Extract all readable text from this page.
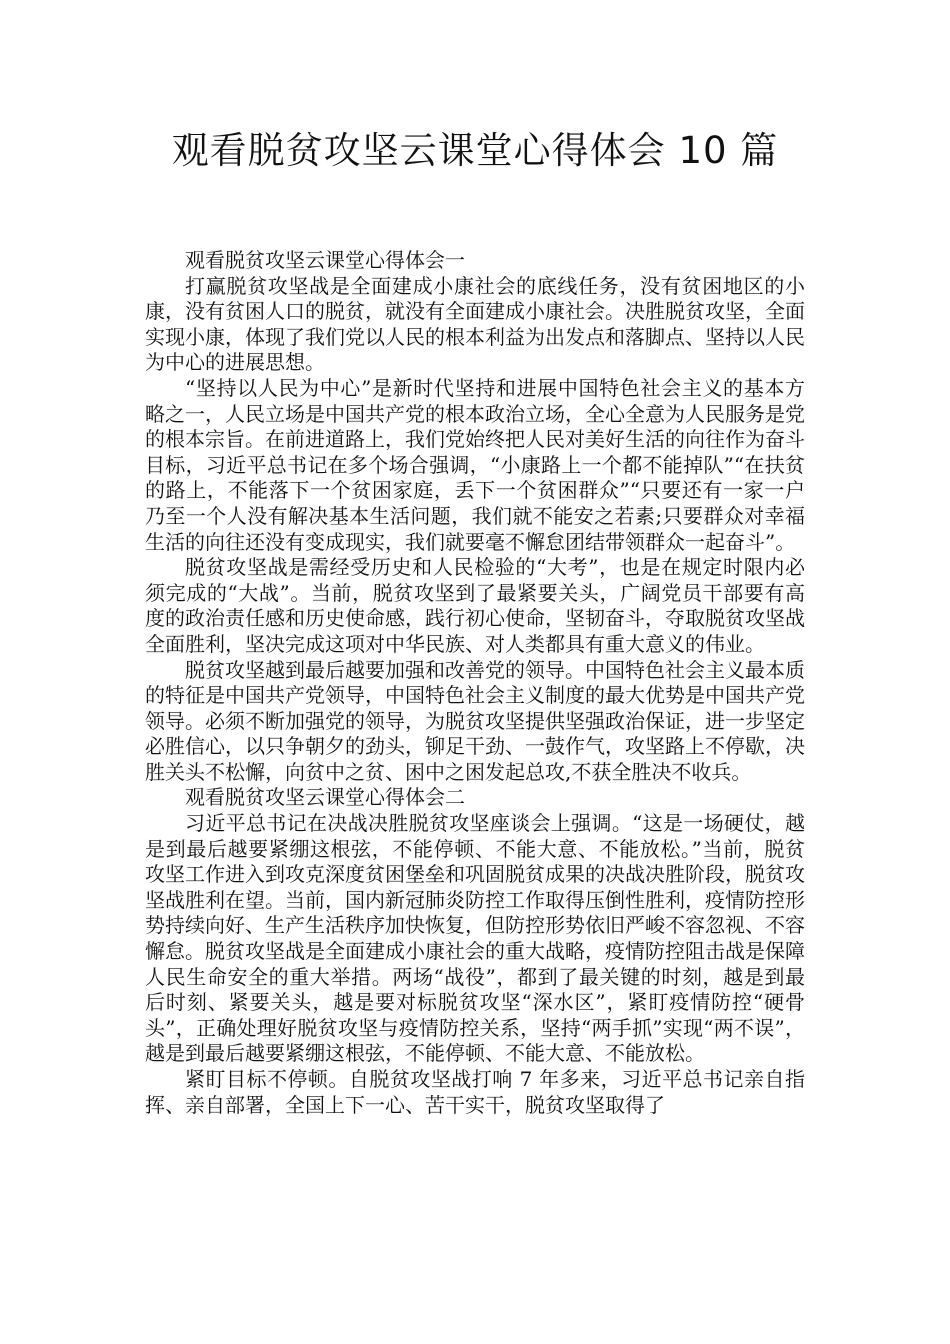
观看脱贫攻坚云课堂心得体会 10 篇

观看脱贫攻坚云课堂心得体会一

打赢脱贫攻坚战是全面建成小康社会的底线任务，没有贫困地区的小康，没有贫困人口的脱贫，就没有全面建成小康社会。决胜脱贫攻坚，全面实现小康，体现了我们党以人民的根本利益为出发点和落脚点、坚持以人民为中心的进展思想。

“坚持以人民为中心”是新时代坚持和进展中国特色社会主义的基本方略之一，人民立场是中国共产党的根本政治立场，全心全意为人民服务是党的根本宗旨。在前进道路上，我们党始终把人民对美好生活的向往作为奋斗目标，习近平总书记在多个场合强调，“小康路上一个都不能掉队”“在扶贫的路上，不能落下一个贫困家庭，丢下一个贫困群众”“只要还有一家一户乃至一个人没有解决基本生活问题，我们就不能安之若素;只要群众对幸福生活的向往还没有变成现实，我们就要毫不懈怠团结带领群众一起奋斗”。

脱贫攻坚战是需经受历史和人民检验的“大考”，也是在规定时限内必须完成的“大战”。当前，脱贫攻坚到了最紧要关头，广阔党员干部要有高度的政治责任感和历史使命感，践行初心使命，坚韧奋斗，夺取脱贫攻坚战全面胜利，坚决完成这项对中华民族、对人类都具有重大意义的伟业。

脱贫攻坚越到最后越要加强和改善党的领导。中国特色社会主义最本质的特征是中国共产党领导，中国特色社会主义制度的最大优势是中国共产党领导。必须不断加强党的领导，为脱贫攻坚提供坚强政治保证，进一步坚定必胜信心，以只争朝夕的劲头，铆足干劲、一鼓作气，攻坚路上不停歇，决胜关头不松懈，向贫中之贫、困中之困发起总攻,不获全胜决不收兵。

观看脱贫攻坚云课堂心得体会二

习近平总书记在决战决胜脱贫攻坚座谈会上强调。“这是一场硬仗，越是到最后越要紧绷这根弦，不能停顿、不能大意、不能放松。”当前，脱贫攻坚工作进入到攻克深度贫困堡垒和巩固脱贫成果的决战决胜阶段，脱贫攻坚战胜利在望。当前，国内新冠肺炎防控工作取得压倒性胜利，疫情防控形势持续向好、生产生活秩序加快恢复，但防控形势依旧严峻不容忽视、不容懈怠。脱贫攻坚战是全面建成小康社会的重大战略，疫情防控阻击战是保障人民生命安全的重大举措。两场“战役”，都到了最关键的时刻，越是到最后时刻、紧要关头，越是要对标脱贫攻坚“深水区”，紧盯疫情防控“硬骨头”，正确处理好脱贫攻坚与疫情防控关系，坚持“两手抓”实现“两不误”，越是到最后越要紧绷这根弦，不能停顿、不能大意、不能放松。

紧盯目标不停顿。自脱贫攻坚战打响 7 年多来，习近平总书记亲自指挥、亲自部署，全国上下一心、苦干实干，脱贫攻坚取得了
